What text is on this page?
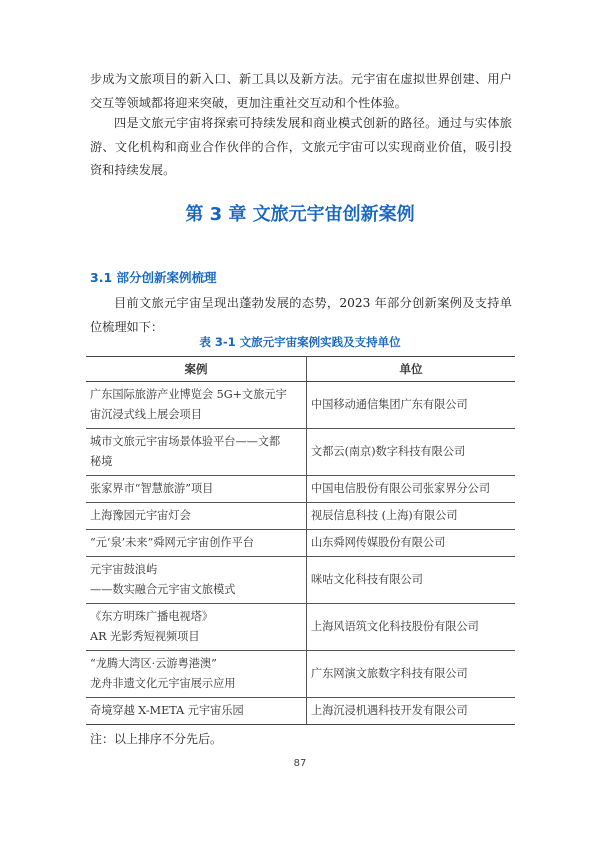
步成为文旅项目的新入口、新工具以及新方法。元宇宙在虚拟世界创建、用户交互等领域都将迎来突破，更加注重社交互动和个性体验。

四是文旅元宇宙将探索可持续发展和商业模式创新的路径。通过与实体旅游、文化机构和商业合作伙伴的合作，文旅元宇宙可以实现商业价值，吸引投资和持续发展。

第 3 章 文旅元宇宙创新案例
3.1 部分创新案例梳理

目前文旅元宇宙呈现出蓬勃发展的态势，2023 年部分创新案例及支持单位梳理如下：

表 3-1 文旅元宇宙案例实践及支持单位

案例	单位

广东国际旅游产业博览会 5G+文旅元宇
宙沉浸式线上展会项目	中国移动通信集团广东有限公司

城市文旅元宇宙场景体验平台——文都
秘境	文都云(南京)数字科技有限公司

张家界市“智慧旅游”项目	中国电信股份有限公司张家界分公司

上海豫园元宇宙灯会	视辰信息科技 (上海)有限公司

“元‘泉’未来”舜网元宇宙创作平台	山东舜网传媒股份有限公司

元宇宙鼓浪屿
——数实融合元宇宙文旅模式	咪咕文化科技有限公司

《东方明珠广播电视塔》
AR 光影秀短视频项目	上海风语筑文化科技股份有限公司

“龙腾大湾区·云游粤港澳”
龙舟非遗文化元宇宙展示应用	广东网演文旅数字科技有限公司

奇境穿越 X-META 元宇宙乐园	上海沉浸机遇科技开发有限公司

注：以上排序不分先后。

87
